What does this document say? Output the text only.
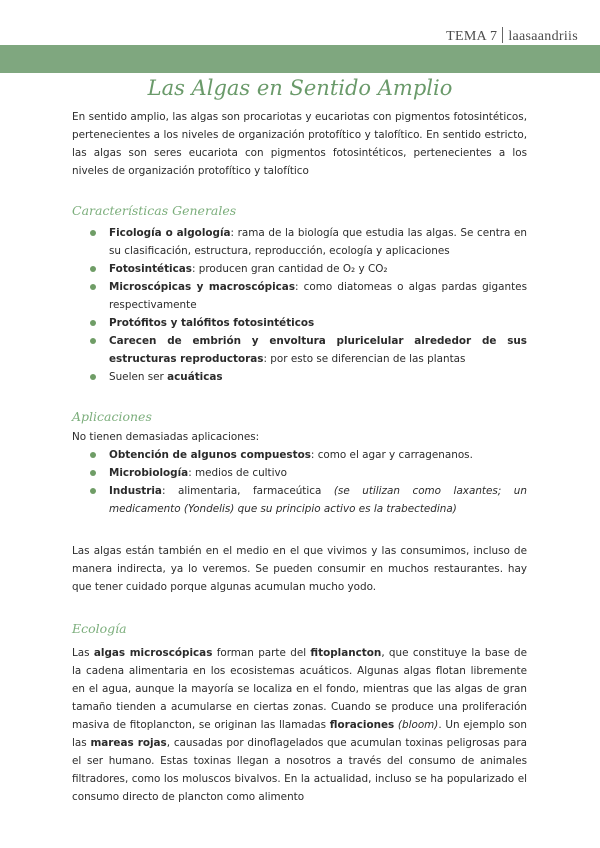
TEMA 7 laasaandriis
Las Algas en Sentido Amplio

En sentido amplio, las algas son procariotas y eucariotas con pigmentos fotosintéticos, pertenecientes a los niveles de organización protofítico y talofítico. En sentido estricto, las algas son seres eucariota con pigmentos fotosintéticos, pertenecientes a los niveles de organización protofítico y talofítico

Características Generales
Ficología o algología: rama de la biología que estudia las algas. Se centra en su clasificación, estructura, reproducción, ecología y aplicaciones
Fotosintéticas: producen gran cantidad de O₂ y CO₂
Microscópicas y macroscópicas: como diatomeas o algas pardas gigantes respectivamente
Protófitos y talófitos fotosintéticos
Carecen de embrión y envoltura pluricelular alrededor de sus estructuras reproductoras: por esto se diferencian de las plantas
Suelen ser acuáticas
Aplicaciones

No tienen demasiadas aplicaciones:

Obtención de algunos compuestos: como el agar y carragenanos.
Microbiología: medios de cultivo
Industria: alimentaria, farmaceútica (se utilizan como laxantes; un medicamento (Yondelis) que su principio activo es la trabectedina)

Las algas están también en el medio en el que vivimos y las consumimos, incluso de manera indirecta, ya lo veremos. Se pueden consumir en muchos restaurantes. hay que tener cuidado porque algunas acumulan mucho yodo.

Ecología

Las algas microscópicas forman parte del fitoplancton, que constituye la base de la cadena alimentaria en los ecosistemas acuáticos. Algunas algas flotan libremente en el agua, aunque la mayoría se localiza en el fondo, mientras que las algas de gran tamaño tienden a acumularse en ciertas zonas. Cuando se produce una proliferación masiva de fitoplancton, se originan las llamadas floraciones (bloom). Un ejemplo son las mareas rojas, causadas por dinoflagelados que acumulan toxinas peligrosas para el ser humano. Estas toxinas llegan a nosotros a través del consumo de animales filtradores, como los moluscos bivalvos. En la actualidad, incluso se ha popularizado el consumo directo de plancton como alimento
